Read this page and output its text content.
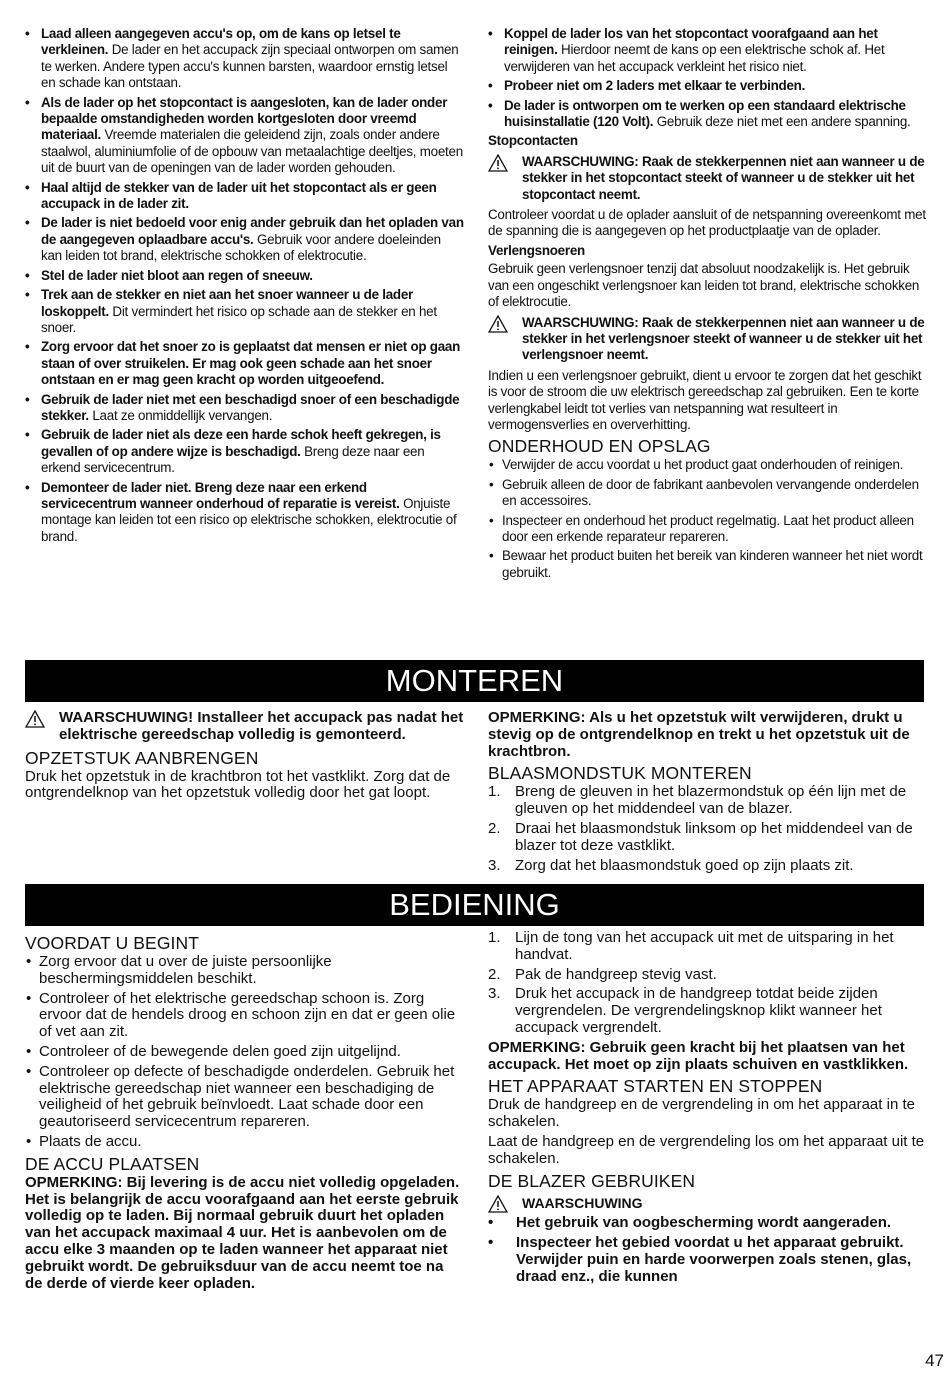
• Laad alleen aangegeven accu's op, om de kans op letsel te verkleinen. De lader en het accupack zijn speciaal ontworpen om samen te werken. Andere typen accu's kunnen barsten, waardoor ernstig letsel en schade kan ontstaan.
• Als de lader op het stopcontact is aangesloten, kan de lader onder bepaalde omstandigheden worden kortgesloten door vreemd materiaal. Vreemde materialen die geleidend zijn, zoals onder andere staalwol, aluminiumfolie of de opbouw van metaalachtige deeltjes, moeten uit de buurt van de openingen van de lader worden gehouden.
• Haal altijd de stekker van de lader uit het stopcontact als er geen accupack in de lader zit.
• De lader is niet bedoeld voor enig ander gebruik dan het opladen van de aangegeven oplaadbare accu's. Gebruik voor andere doeleinden kan leiden tot brand, elektrische schokken of elektrocutie.
• Stel de lader niet bloot aan regen of sneeuw.
• Trek aan de stekker en niet aan het snoer wanneer u de lader loskoppelt. Dit vermindert het risico op schade aan de stekker en het snoer.
• Zorg ervoor dat het snoer zo is geplaatst dat mensen er niet op gaan staan of over struikelen. Er mag ook geen schade aan het snoer ontstaan en er mag geen kracht op worden uitgeoefend.
• Gebruik de lader niet met een beschadigd snoer of een beschadigde stekker. Laat ze onmiddellijk vervangen.
• Gebruik de lader niet als deze een harde schok heeft gekregen, is gevallen of op andere wijze is beschadigd. Breng deze naar een erkend servicecentrum.
• Demonteer de lader niet. Breng deze naar een erkend servicecentrum wanneer onderhoud of reparatie is vereist. Onjuiste montage kan leiden tot een risico op elektrische schokken, elektrocutie of brand.
• Koppel de lader los van het stopcontact voorafgaand aan het reinigen. Hierdoor neemt de kans op een elektrische schok af. Het verwijderen van het accupack verkleint het risico niet.
• Probeer niet om 2 laders met elkaar te verbinden.
• De lader is ontworpen om te werken op een standaard elektrische huisinstallatie (120 Volt). Gebruik deze niet met een andere spanning.
Stopcontacten
WAARSCHUWING: Raak de stekkerpennen niet aan wanneer u de stekker in het stopcontact steekt of wanneer u de stekker uit het stopcontact neemt.

Controleer voordat u de oplader aansluit of de netspanning overeenkomt met de spanning die is aangegeven op het productplaatje van de oplader.

Verlengsnoeren

Gebruik geen verlengsnoer tenzij dat absoluut noodzakelijk is. Het gebruik van een ongeschikt verlengsnoer kan leiden tot brand, elektrische schokken of elektrocutie.

WAARSCHUWING: Raak de stekkerpennen niet aan wanneer u de stekker in het verlengsnoer steekt of wanneer u de stekker uit het verlengsnoer neemt.

Indien u een verlengsnoer gebruikt, dient u ervoor te zorgen dat het geschikt is voor de stroom die uw elektrisch gereedschap zal gebruiken. Een te korte verlengkabel leidt tot verlies van netspanning wat resulteert in vermogensverlies en oververhitting.

ONDERHOUD EN OPSLAG
• Verwijder de accu voordat u het product gaat onderhouden of reinigen.
• Gebruik alleen de door de fabrikant aanbevolen vervangende onderdelen en accessoires.
• Inspecteer en onderhoud het product regelmatig. Laat het product alleen door een erkende reparateur repareren.
• Bewaar het product buiten het bereik van kinderen wanneer het niet wordt gebruikt.
MONTEREN
WAARSCHUWING! Installeer het accupack pas nadat het elektrische gereedschap volledig is gemonteerd.
OPZETSTUK AANBRENGEN

Druk het opzetstuk in de krachtbron tot het vastklikt. Zorg dat de ontgrendelknop van het opzetstuk volledig door het gat loopt.

OPMERKING: Als u het opzetstuk wilt verwijderen, drukt u stevig op de ontgrendelknop en trekt u het opzetstuk uit de krachtbron.

BLAASMONDSTUK MONTEREN
1. Breng de gleuven in het blazermondstuk op één lijn met de gleuven op het middendeel van de blazer.
2. Draai het blaasmondstuk linksom op het middendeel van de blazer tot deze vastklikt.
3. Zorg dat het blaasmondstuk goed op zijn plaats zit.
BEDIENING
VOORDAT U BEGINT
• Zorg ervoor dat u over de juiste persoonlijke beschermingsmiddelen beschikt.
• Controleer of het elektrische gereedschap schoon is. Zorg ervoor dat de hendels droog en schoon zijn en dat er geen olie of vet aan zit.
• Controleer of de bewegende delen goed zijn uitgelijnd.
• Controleer op defecte of beschadigde onderdelen. Gebruik het elektrische gereedschap niet wanneer een beschadiging de veiligheid of het gebruik beïnvloedt. Laat schade door een geautoriseerd servicecentrum repareren.
• Plaats de accu.
DE ACCU PLAATSEN

OPMERKING: Bij levering is de accu niet volledig opgeladen. Het is belangrijk de accu voorafgaand aan het eerste gebruik volledig op te laden. Bij normaal gebruik duurt het opladen van het accupack maximaal 4 uur. Het is aanbevolen om de accu elke 3 maanden op te laden wanneer het apparaat niet gebruikt wordt. De gebruiksduur van de accu neemt toe na de derde of vierde keer opladen.

1. Lijn de tong van het accupack uit met de uitsparing in het handvat.
2. Pak de handgreep stevig vast.
3. Druk het accupack in de handgreep totdat beide zijden vergrendelen. De vergrendelingsknop klikt wanneer het accupack vergrendelt.

OPMERKING: Gebruik geen kracht bij het plaatsen van het accupack. Het moet op zijn plaats schuiven en vastklikken.

HET APPARAAT STARTEN EN STOPPEN

Druk de handgreep en de vergrendeling in om het apparaat in te schakelen.

Laat de handgreep en de vergrendeling los om het apparaat uit te schakelen.

DE BLAZER GEBRUIKEN
WAARSCHUWING
• Het gebruik van oogbescherming wordt aangeraden.
• Inspecteer het gebied voordat u het apparaat gebruikt. Verwijder puin en harde voorwerpen zoals stenen, glas, draad enz., die kunnen
47
